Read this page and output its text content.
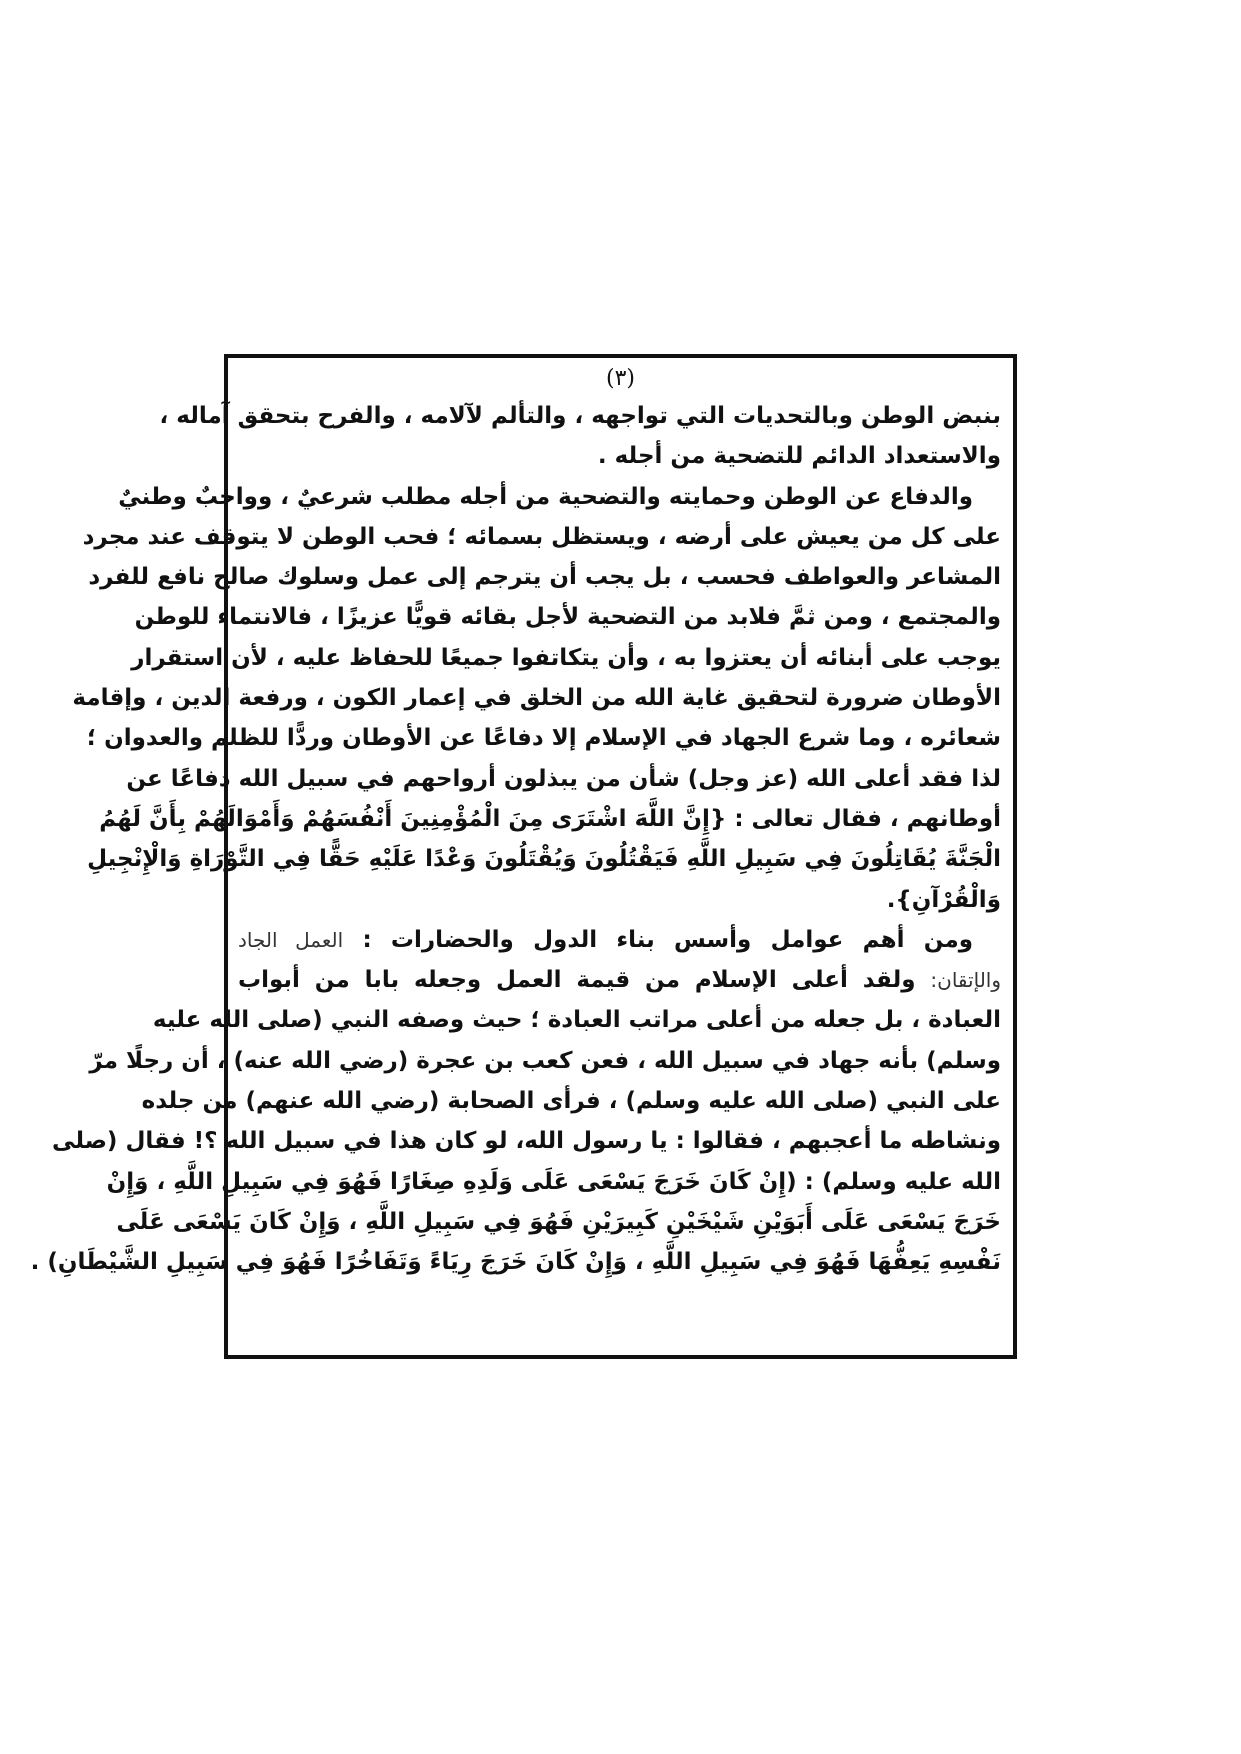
(٣)
بنبض الوطن وبالتحديات التي تواجهه ، والتألم لآلامه ، والفرح بتحقق آماله ،
والاستعداد الدائم للتضحية من أجله .
والدفاع عن الوطن وحمايته والتضحية من أجله مطلب شرعيٌ ، وواجبٌ وطنيٌ
على كل من يعيش على أرضه ، ويستظل بسمائه ؛ فحب الوطن لا يتوقف عند مجرد
المشاعر والعواطف فحسب ، بل يجب أن يترجم إلى عمل وسلوك صالح نافع للفرد
والمجتمع ، ومن ثمَّ فلابد من التضحية لأجل بقائه قويًّا عزيزًا ، فالانتماء للوطن
يوجب على أبنائه أن يعتزوا به ، وأن يتكاتفوا جميعًا للحفاظ عليه ، لأن استقرار
الأوطان ضرورة لتحقيق غاية الله من الخلق في إعمار الكون ، ورفعة الدين ، وإقامة
شعائره ، وما شرع الجهاد في الإسلام إلا دفاعًا عن الأوطان وردًّا للظلم والعدوان ؛
لذا فقد أعلى الله (عز وجل) شأن من يبذلون أرواحهم في سبيل الله دفاعًا عن
أوطانهم ، فقال تعالى : {إِنَّ اللَّهَ اشْتَرَى مِنَ الْمُؤْمِنِينَ أَنْفُسَهُمْ وَأَمْوَالَهُمْ بِأَنَّ لَهُمُ
الْجَنَّةَ يُقَاتِلُونَ فِي سَبِيلِ اللَّهِ فَيَقْتُلُونَ وَيُقْتَلُونَ وَعْدًا عَلَيْهِ حَقًّا فِي التَّوْرَاةِ وَالْإِنْجِيلِ
وَالْقُرْآنِ}.
ومن أهم عوامل وأسس بناء الدول والحضارات : العمل الجاد
والإتقان: ولقد أعلى الإسلام من قيمة العمل وجعله بابا من أبواب
العبادة ، بل جعله من أعلى مراتب العبادة ؛ حيث وصفه النبي (صلى الله عليه
وسلم) بأنه جهاد في سبيل الله ، فعن كعب بن عجرة (رضي الله عنه) ، أن رجلًا مرّ
على النبي (صلى الله عليه وسلم) ، فرأى الصحابة (رضي الله عنهم) من جلده
ونشاطه ما أعجبهم ، فقالوا : يا رسول الله، لو كان هذا في سبيل الله ؟! فقال (صلى
الله عليه وسلم) : (إِنْ كَانَ خَرَجَ يَسْعَى عَلَى وَلَدِهِ صِغَارًا فَهُوَ فِي سَبِيلِ اللَّهِ ، وَإِنْ
خَرَجَ يَسْعَى عَلَى أَبَوَيْنِ شَيْخَيْنِ كَبِيرَيْنِ فَهُوَ فِي سَبِيلِ اللَّهِ ، وَإِنْ كَانَ يَسْعَى عَلَى
نَفْسِهِ يَعِفُّهَا فَهُوَ فِي سَبِيلِ اللَّهِ ، وَإِنْ كَانَ خَرَجَ رِيَاءً وَتَفَاخُرًا فَهُوَ فِي سَبِيلِ الشَّيْطَانِ) .
